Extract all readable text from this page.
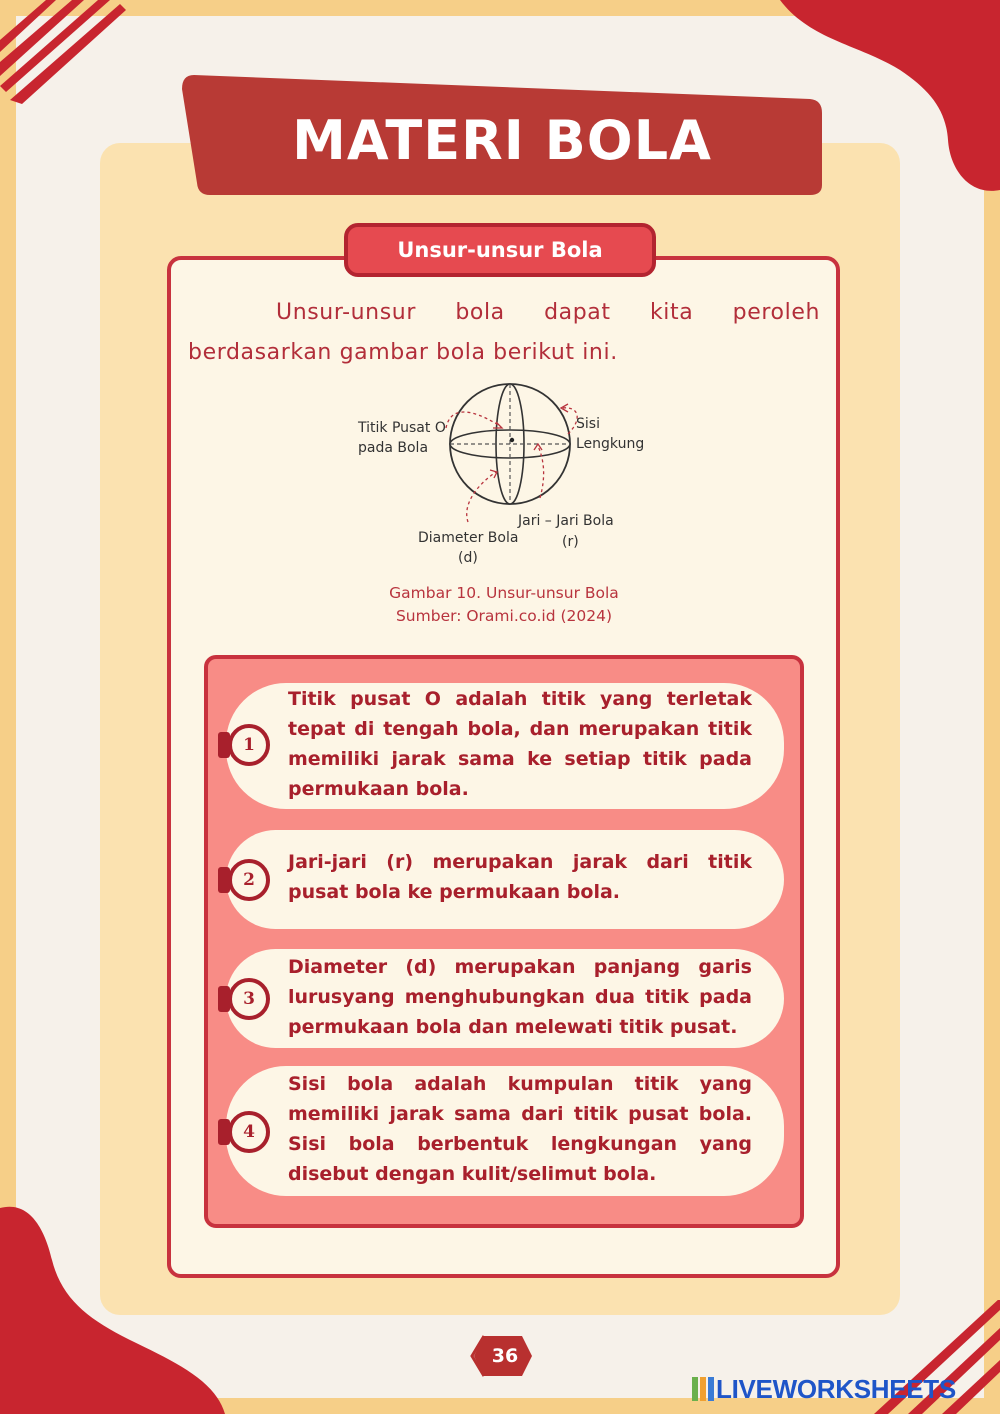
MATERI BOLA
Unsur-unsur Bola
Unsur-unsur bola dapat kita peroleh berdasarkan gambar bola berikut ini.
Titik Pusat O
pada Bola
Sisi
Lengkung
Jari – Jari Bola
(r)
Diameter Bola
(d)
Gambar 10. Unsur-unsur Bola
Sumber: Orami.co.id (2024)
1
Titik pusat O adalah titik yang terletak tepat di tengah bola, dan merupakan titik memiliki jarak sama ke setiap titik pada permukaan bola.
2
Jari-jari (r) merupakan jarak dari titik pusat bola ke permukaan bola.
3
Diameter (d) merupakan panjang garis lurusyang menghubungkan dua titik pada permukaan bola dan melewati titik pusat.
4
Sisi bola adalah kumpulan titik yang memiliki jarak sama dari titik pusat bola. Sisi bola berbentuk lengkungan yang disebut dengan kulit/selimut bola.
36
LIVEWORKSHEETS
